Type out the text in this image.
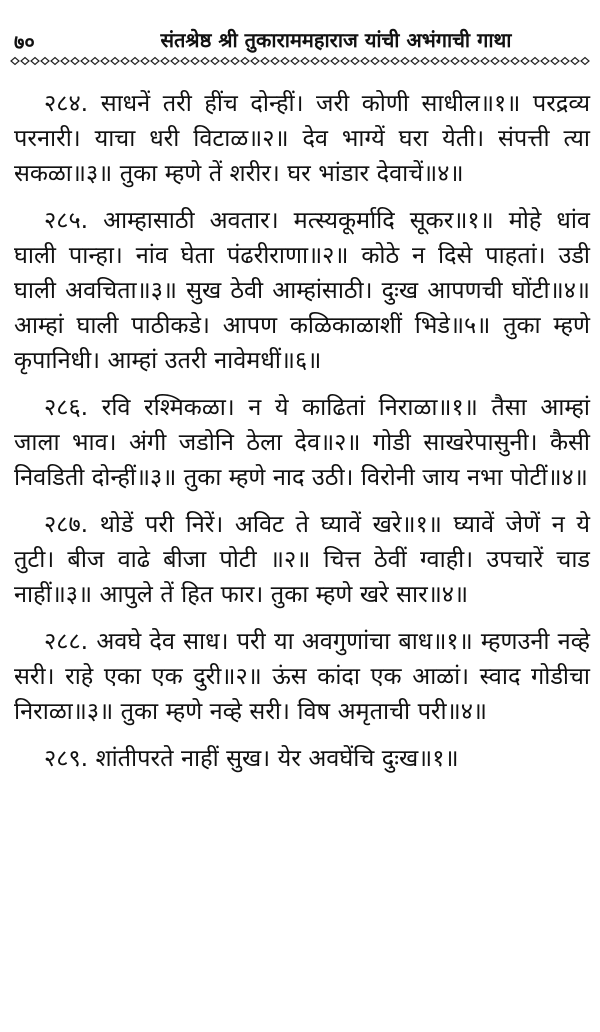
७०	संतश्रेष्ठ श्री तुकाराममहाराज यांची अभंगाची गाथा

२८४. साधनें तरी हींच दोन्हीं। जरी कोणी साधील॥१॥ परद्रव्य परनारी। याचा धरी विटाळ॥२॥ देव भाग्यें घरा येती। संपत्ती त्या सकळा॥३॥ तुका म्हणे तें शरीर। घर भांडार देवाचें॥४॥

२८५. आम्हासाठी अवतार। मत्स्यकूर्मादि सूकर॥१॥ मोहे धांव घाली पान्हा। नांव घेता पंढरीराणा॥२॥ कोठे न दिसे पाहतां। उडी घाली अवचिता॥३॥ सुख ठेवी आम्हांसाठी। दुःख आपणची घोंटी॥४॥ आम्हां घाली पाठीकडे। आपण कळिकाळाशीं भिडे॥५॥ तुका म्हणे कृपानिधी। आम्हां उतरी नावेमधीं॥६॥

२८६. रवि रश्मिकळा। न ये काढितां निराळा॥१॥ तैसा आम्हां जाला भाव। अंगी जडोनि ठेला देव॥२॥ गोडी साखरेपासुनी। कैसी निवडिती दोन्हीं॥३॥ तुका म्हणे नाद उठी। विरोनी जाय नभा पोटीं॥४॥

२८७. थोडें परी निरें। अविट ते घ्यावें खरे॥१॥ घ्यावें जेणें न ये तुटी। बीज वाढे बीजा पोटी ॥२॥ चित्त ठेवीं ग्वाही। उपचारें चाड नाहीं॥३॥ आपुले तें हित फार। तुका म्हणे खरे सार॥४॥

२८८. अवघे देव साध। परी या अवगुणांचा बाध॥१॥ म्हणउनी नव्हे सरी। राहे एका एक दुरी॥२॥ ऊंस कांदा एक आळां। स्वाद गोडीचा निराळा॥३॥ तुका म्हणे नव्हे सरी। विष अमृताची परी॥४॥

२८९. शांतीपरते नाहीं सुख। येर अवघेंचि दुःख॥१॥
